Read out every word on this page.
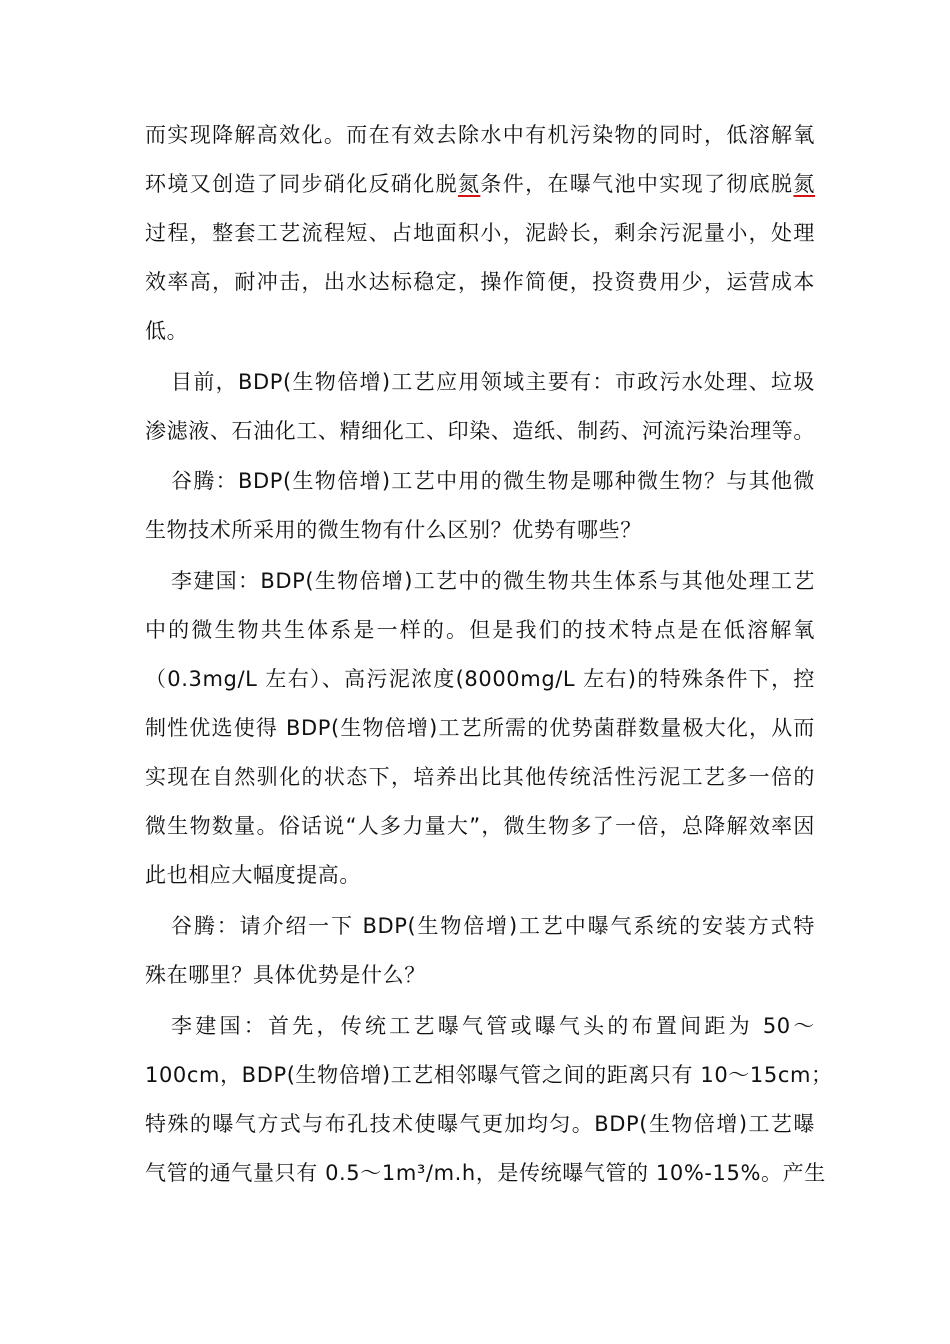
而实现降解高效化。而在有效去除水中有机污染物的同时，低溶解氧
环境又创造了同步硝化反硝化脱氮条件，在曝气池中实现了彻底脱氮
过程，整套工艺流程短、占地面积小，泥龄长，剩余污泥量小，处理
效率高，耐冲击，出水达标稳定，操作简便，投资费用少，运营成本
低。
目前，BDP(生物倍增)工艺应用领域主要有：市政污水处理、垃圾
渗滤液、石油化工、精细化工、印染、造纸、制药、河流污染治理等。
谷腾：BDP(生物倍增)工艺中用的微生物是哪种微生物？与其他微
生物技术所采用的微生物有什么区别？优势有哪些？
李建国：BDP(生物倍增)工艺中的微生物共生体系与其他处理工艺
中的微生物共生体系是一样的。但是我们的技术特点是在低溶解氧
（0.3mg/L 左右）、高污泥浓度(8000mg/L 左右)的特殊条件下，控
制性优选使得 BDP(生物倍增)工艺所需的优势菌群数量极大化，从而
实现在自然驯化的状态下，培养出比其他传统活性污泥工艺多一倍的
微生物数量。俗话说“人多力量大”，微生物多了一倍，总降解效率因
此也相应大幅度提高。
谷腾：请介绍一下 BDP(生物倍增)工艺中曝气系统的安装方式特
殊在哪里？具体优势是什么？
李建国：首先，传统工艺曝气管或曝气头的布置间距为 50～
100cm，BDP(生物倍增)工艺相邻曝气管之间的距离只有 10～15cm；
特殊的曝气方式与布孔技术使曝气更加均匀。BDP(生物倍增)工艺曝
气管的通气量只有 0.5～1m³/m.h，是传统曝气管的 10%-15%。产生
